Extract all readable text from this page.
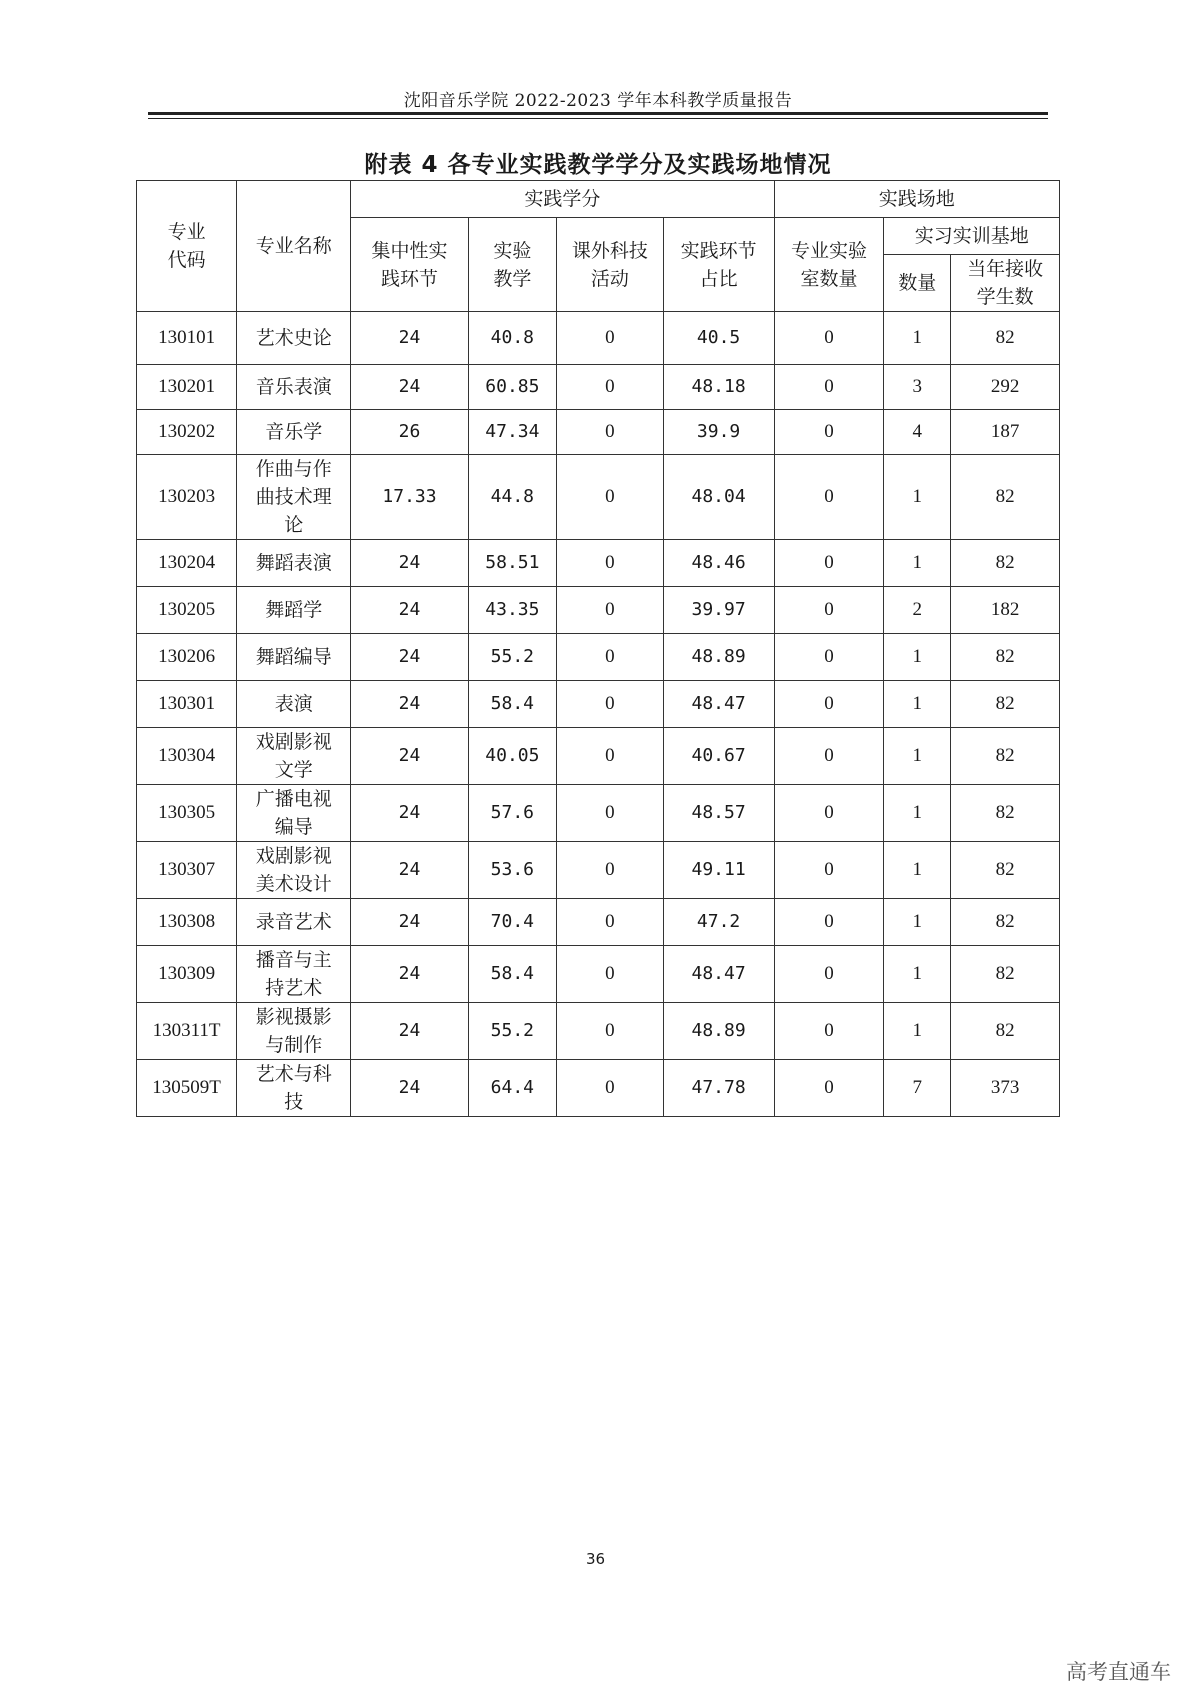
沈阳音乐学院 2022-2023 学年本科教学质量报告
附表 4 各专业实践教学学分及实践场地情况
专业代码	专业名称	实践学分				实践场地		

		集中性实践环节	实验教学	课外科技活动	实践环节占比	专业实验室数量	实习实训基地	
							数量	当年接收学生数

130101	艺术史论	24	40.8	0	40.5	0	1	82
130201	音乐表演	24	60.85	0	48.18	0	3	292
130202	音乐学	26	47.34	0	39.9	0	4	187
130203	作曲与作曲技术理论	17.33	44.8	0	48.04	0	1	82
130204	舞蹈表演	24	58.51	0	48.46	0	1	82
130205	舞蹈学	24	43.35	0	39.97	0	2	182
130206	舞蹈编导	24	55.2	0	48.89	0	1	82
130301	表演	24	58.4	0	48.47	0	1	82
130304	戏剧影视文学	24	40.05	0	40.67	0	1	82
130305	广播电视编导	24	57.6	0	48.57	0	1	82
130307	戏剧影视美术设计	24	53.6	0	49.11	0	1	82
130308	录音艺术	24	70.4	0	47.2	0	1	82
130309	播音与主持艺术	24	58.4	0	48.47	0	1	82
130311T	影视摄影与制作	24	55.2	0	48.89	0	1	82
130509T	艺术与科技	24	64.4	0	47.78	0	7	373
36
高考直通车
